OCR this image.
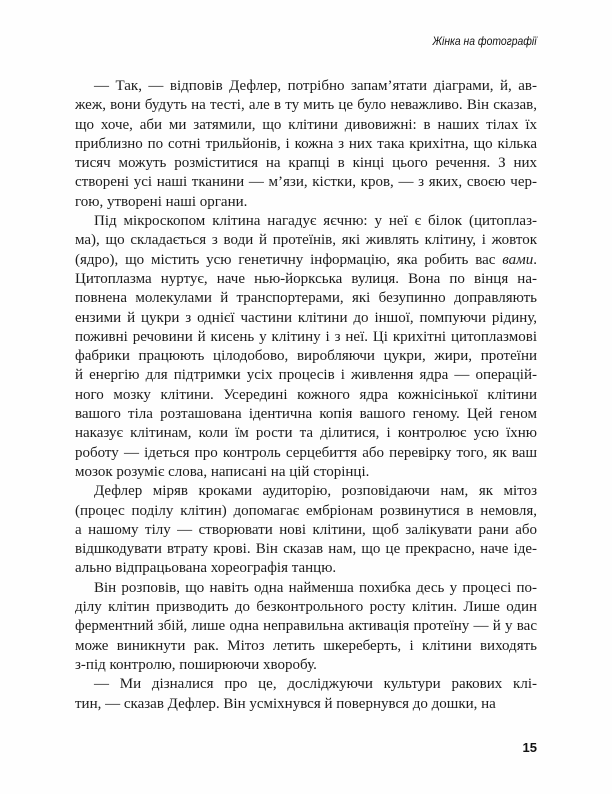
Жінка на фотографії
— Так, — відповів Дефлер, потрібно запам’ятати діаграми, й, ав-
жеж, вони будуть на тесті, але в ту мить це було неважливо. Він сказав,
що хоче, аби ми затямили, що клітини дивовижні: в наших тілах їх
приблизно по сотні трильйонів, і кожна з них така крихітна, що кілька
тисяч можуть розміститися на крапці в кінці цього речення. З них
створені усі наші тканини — м’язи, кістки, кров, — з яких, своєю чер-
гою, утворені наші органи.
Під мікроскопом клітина нагадує яєчню: у неї є білок (цитоплаз-
ма), що складається з води й протеїнів, які живлять клітину, і жовток
(ядро), що містить усю генетичну інформацію, яка робить вас вами.
Цитоплазма нуртує, наче нью-йоркська вулиця. Вона по вінця на-
повнена молекулами й транспортерами, які безупинно доправляють
ензими й цукри з однієї частини клітини до іншої, помпуючи рідину,
поживні речовини й кисень у клітину і з неї. Ці крихітні цитоплазмові
фабрики працюють цілодобово, виробляючи цукри, жири, протеїни
й енергію для підтримки усіх процесів і живлення ядра — операцій-
ного мозку клітини. Усередині кожного ядра кожнісінької клітини
вашого тіла розташована ідентична копія вашого геному. Цей геном
наказує клітинам, коли їм рости та ділитися, і контролює усю їхню
роботу — ідеться про контроль серцебиття або перевірку того, як ваш
мозок розуміє слова, написані на цій сторінці.
Дефлер міряв кроками аудиторію, розповідаючи нам, як мітоз
(процес поділу клітин) допомагає ембріонам розвинутися в немовля,
а нашому тілу — створювати нові клітини, щоб залікувати рани або
відшкодувати втрату крові. Він сказав нам, що це прекрасно, наче іде-
ально відпрацьована хореографія танцю.
Він розповів, що навіть одна найменша похибка десь у процесі по-
ділу клітин призводить до безконтрольного росту клітин. Лише один
ферментний збій, лише одна неправильна активація протеїну — й у вас
може виникнути рак. Мітоз летить шкереберть, і клітини виходять
з-під контролю, поширюючи хворобу.
— Ми дізналися про це, досліджуючи культури ракових клі-
тин, — сказав Дефлер. Він усміхнувся й повернувся до дошки, на
15
